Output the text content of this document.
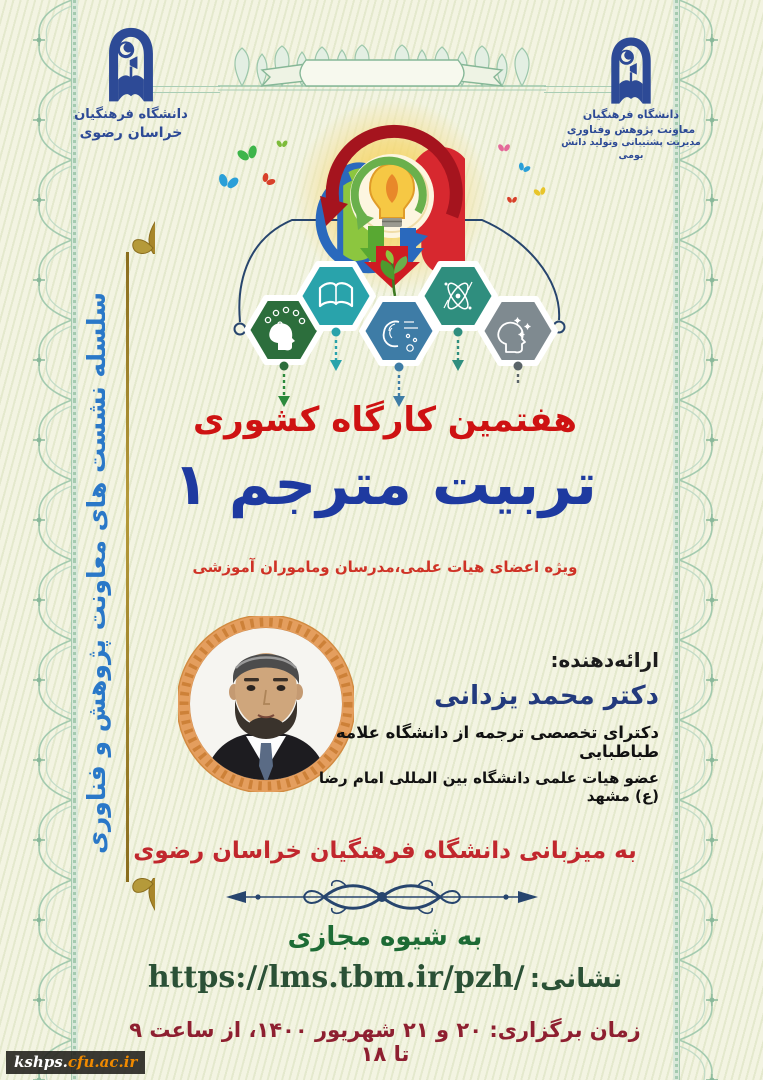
دانشگاه فرهنگیان
خراسان رضوی
دانشگاه فرهنگیان
معاونت پژوهش وفناوری
مدیریت پشتیبانی وتولید دانش بومی
سلسله نشست های معاونت پژوهش و فناوری	هفتمین کارگاه کشوری
تربیت مترجم ۱
ویژه اعضای هیات علمی،مدرسان وماموران آموزشی
ارائه‌دهنده:
دکتر محمد یزدانی
دکترای تخصصی ترجمه از دانشگاه علامه طباطبایی
عضو هیات علمی دانشگاه بین المللی امام رضا (ع) مشهد
به میزبانی دانشگاه فرهنگیان خراسان رضوی
به شیوه مجازی
نشانی: https://lms.tbm.ir/pzh/
زمان برگزاری: ۲۰ و ۲۱ شهریور ۱۴۰۰، از ساعت ۹ تا ۱۸
kshps.cfu.ac.ir
